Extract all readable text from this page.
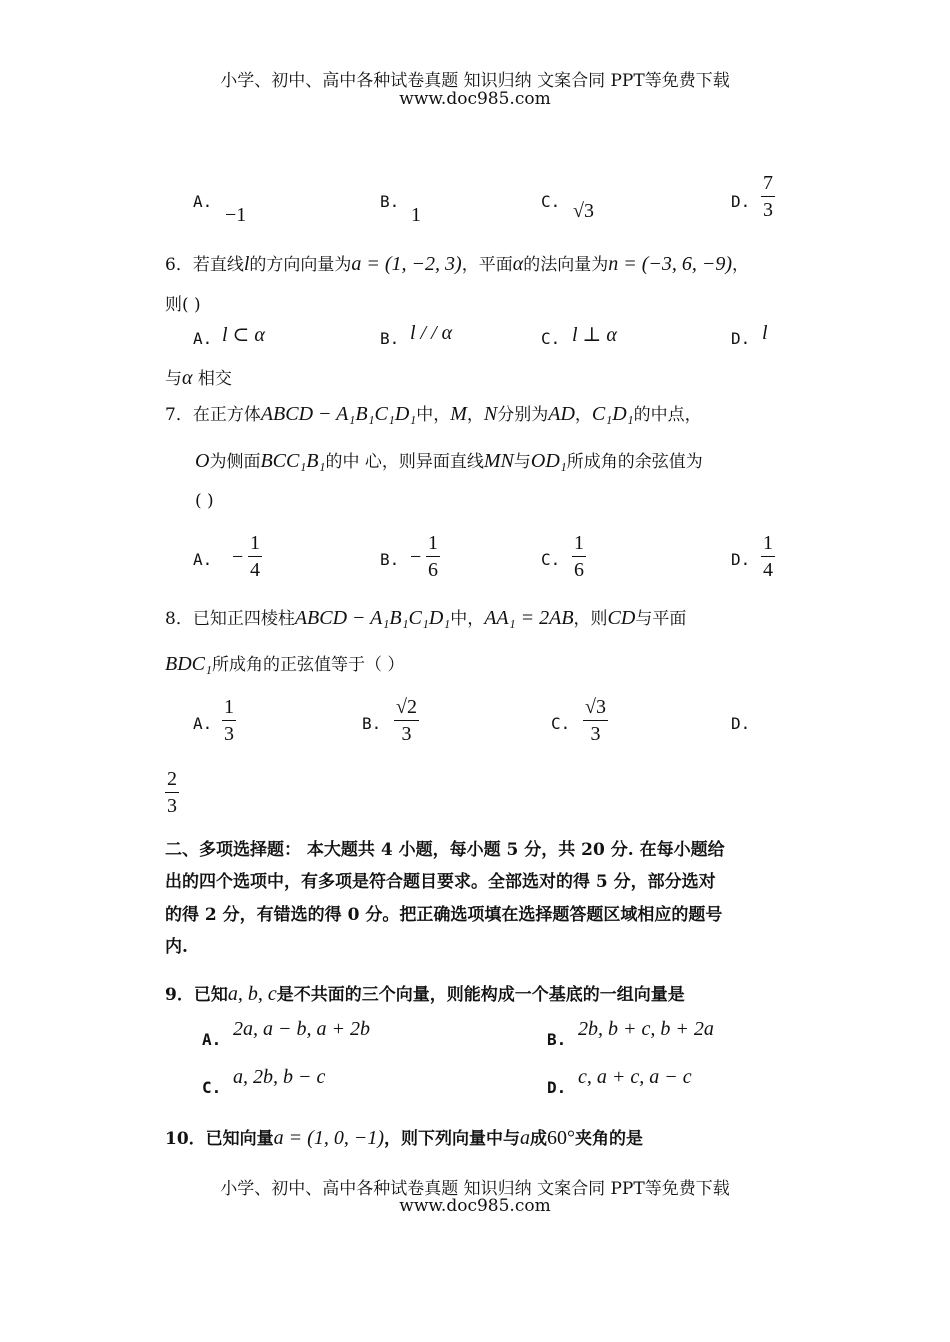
小学、初中、高中各种试卷真题 知识归纳 文案合同 PPT等免费下载
www.doc985.com
A.
−1
B.
1
C. √3	D.
7
3
6．若直线l的方向向量为a = (1, −2, 3)，平面α的法向量为n = (−3, 6, −9)，
则( )
A. l ⊂ α	B. l / / α	C. l ⊥ α	D. l
与α 相交
7．在正方体ABCD − A₁B₁C₁D₁中，M，N分别为AD，C₁D₁的中点，
O为侧面BCC₁B₁的中 心，则异面直线MN与OD₁所成角的余弦值为
( )
A. −
1
4	B. −
1
6	C.
1
6	D.
1
4
8．已知正四棱柱ABCD − A₁B₁C₁D₁中，AA₁ = 2AB，则CD与平面
BDC₁所成角的正弦值等于（ ）
A.
1
3	B.
√2
3	C.
√3
3	D.
2
3
二、多项选择题： 本大题共 4 小题，每小题 5 分，共 20 分. 在每小题给
出的四个选项中，有多项是符合题目要求。全部选对的得 5 分，部分选对
的得 2 分，有错选的得 0 分。把正确选项填在选择题答题区域相应的题号
内.
9．已知a, b, c是不共面的三个向量，则能构成一个基底的一组向量是
A. 2a, a − b, a + 2b	B. 2b, b + c, b + 2a
C. a, 2b, b − c	D. c, a + c, a − c
10．已知向量a = (1, 0, −1)，则下列向量中与a成60°夹角的是
小学、初中、高中各种试卷真题 知识归纳 文案合同 PPT等免费下载
www.doc985.com
